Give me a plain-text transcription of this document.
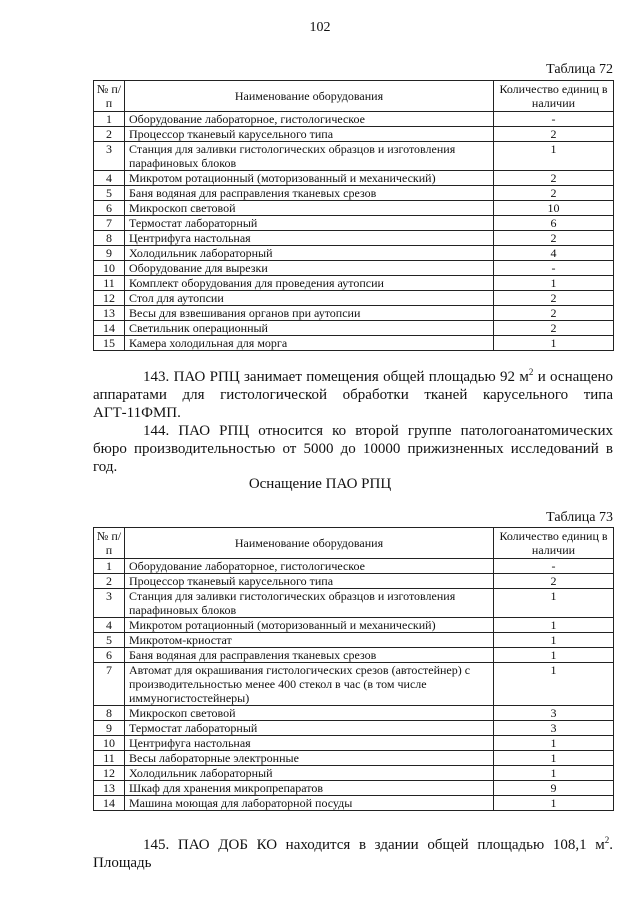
102
Таблица 72
№ п/п	Наименование оборудования	Количество единиц в наличии
1	Оборудование лабораторное, гистологическое	-
2	Процессор тканевый карусельного типа	2
3	Станция для заливки гистологических образцов и изготовления парафиновых блоков	1
4	Микротом ротационный (моторизованный и механический)	2
5	Баня водяная для расправления тканевых срезов	2
6	Микроскоп световой	10
7	Термостат лабораторный	6
8	Центрифуга настольная	2
9	Холодильник лабораторный	4
10	Оборудование для вырезки	-
11	Комплект оборудования для проведения аутопсии	1
12	Стол для аутопсии	2
13	Весы для взвешивания органов при аутопсии	2
14	Светильник операционный	2
15	Камера холодильная для морга	1
143. ПАО РПЦ занимает помещения общей площадью 92 $м^2$ и оснащено аппаратами для гистологической обработки тканей карусельного типа АГТ-11ФМП.
144. ПАО РПЦ относится ко второй группе патологоанатомических бюро производительностью от 5000 до 10000 прижизненных исследований в год.
Оснащение ПАО РПЦ
Таблица 73
№ п/п	Наименование оборудования	Количество единиц в наличии
1	Оборудование лабораторное, гистологическое	-
2	Процессор тканевый карусельного типа	2
3	Станция для заливки гистологических образцов и изготовления парафиновых блоков	1
4	Микротом ротационный (моторизованный и механический)	1
5	Микротом-криостат	1
6	Баня водяная для расправления тканевых срезов	1
7	Автомат для окрашивания гистологических срезов (автостейнер) с производительностью менее 400 стекол в час (в том числе иммуногистостейнеры)	1
8	Микроскоп световой	3
9	Термостат лабораторный	3
10	Центрифуга настольная	1
11	Весы лабораторные электронные	1
12	Холодильник лабораторный	1
13	Шкаф для хранения микропрепаратов	9
14	Машина моющая для лабораторной посуды	1
145. ПАО ДОБ КО находится в здании общей площадью 108,1 $м^2$. Площадь
